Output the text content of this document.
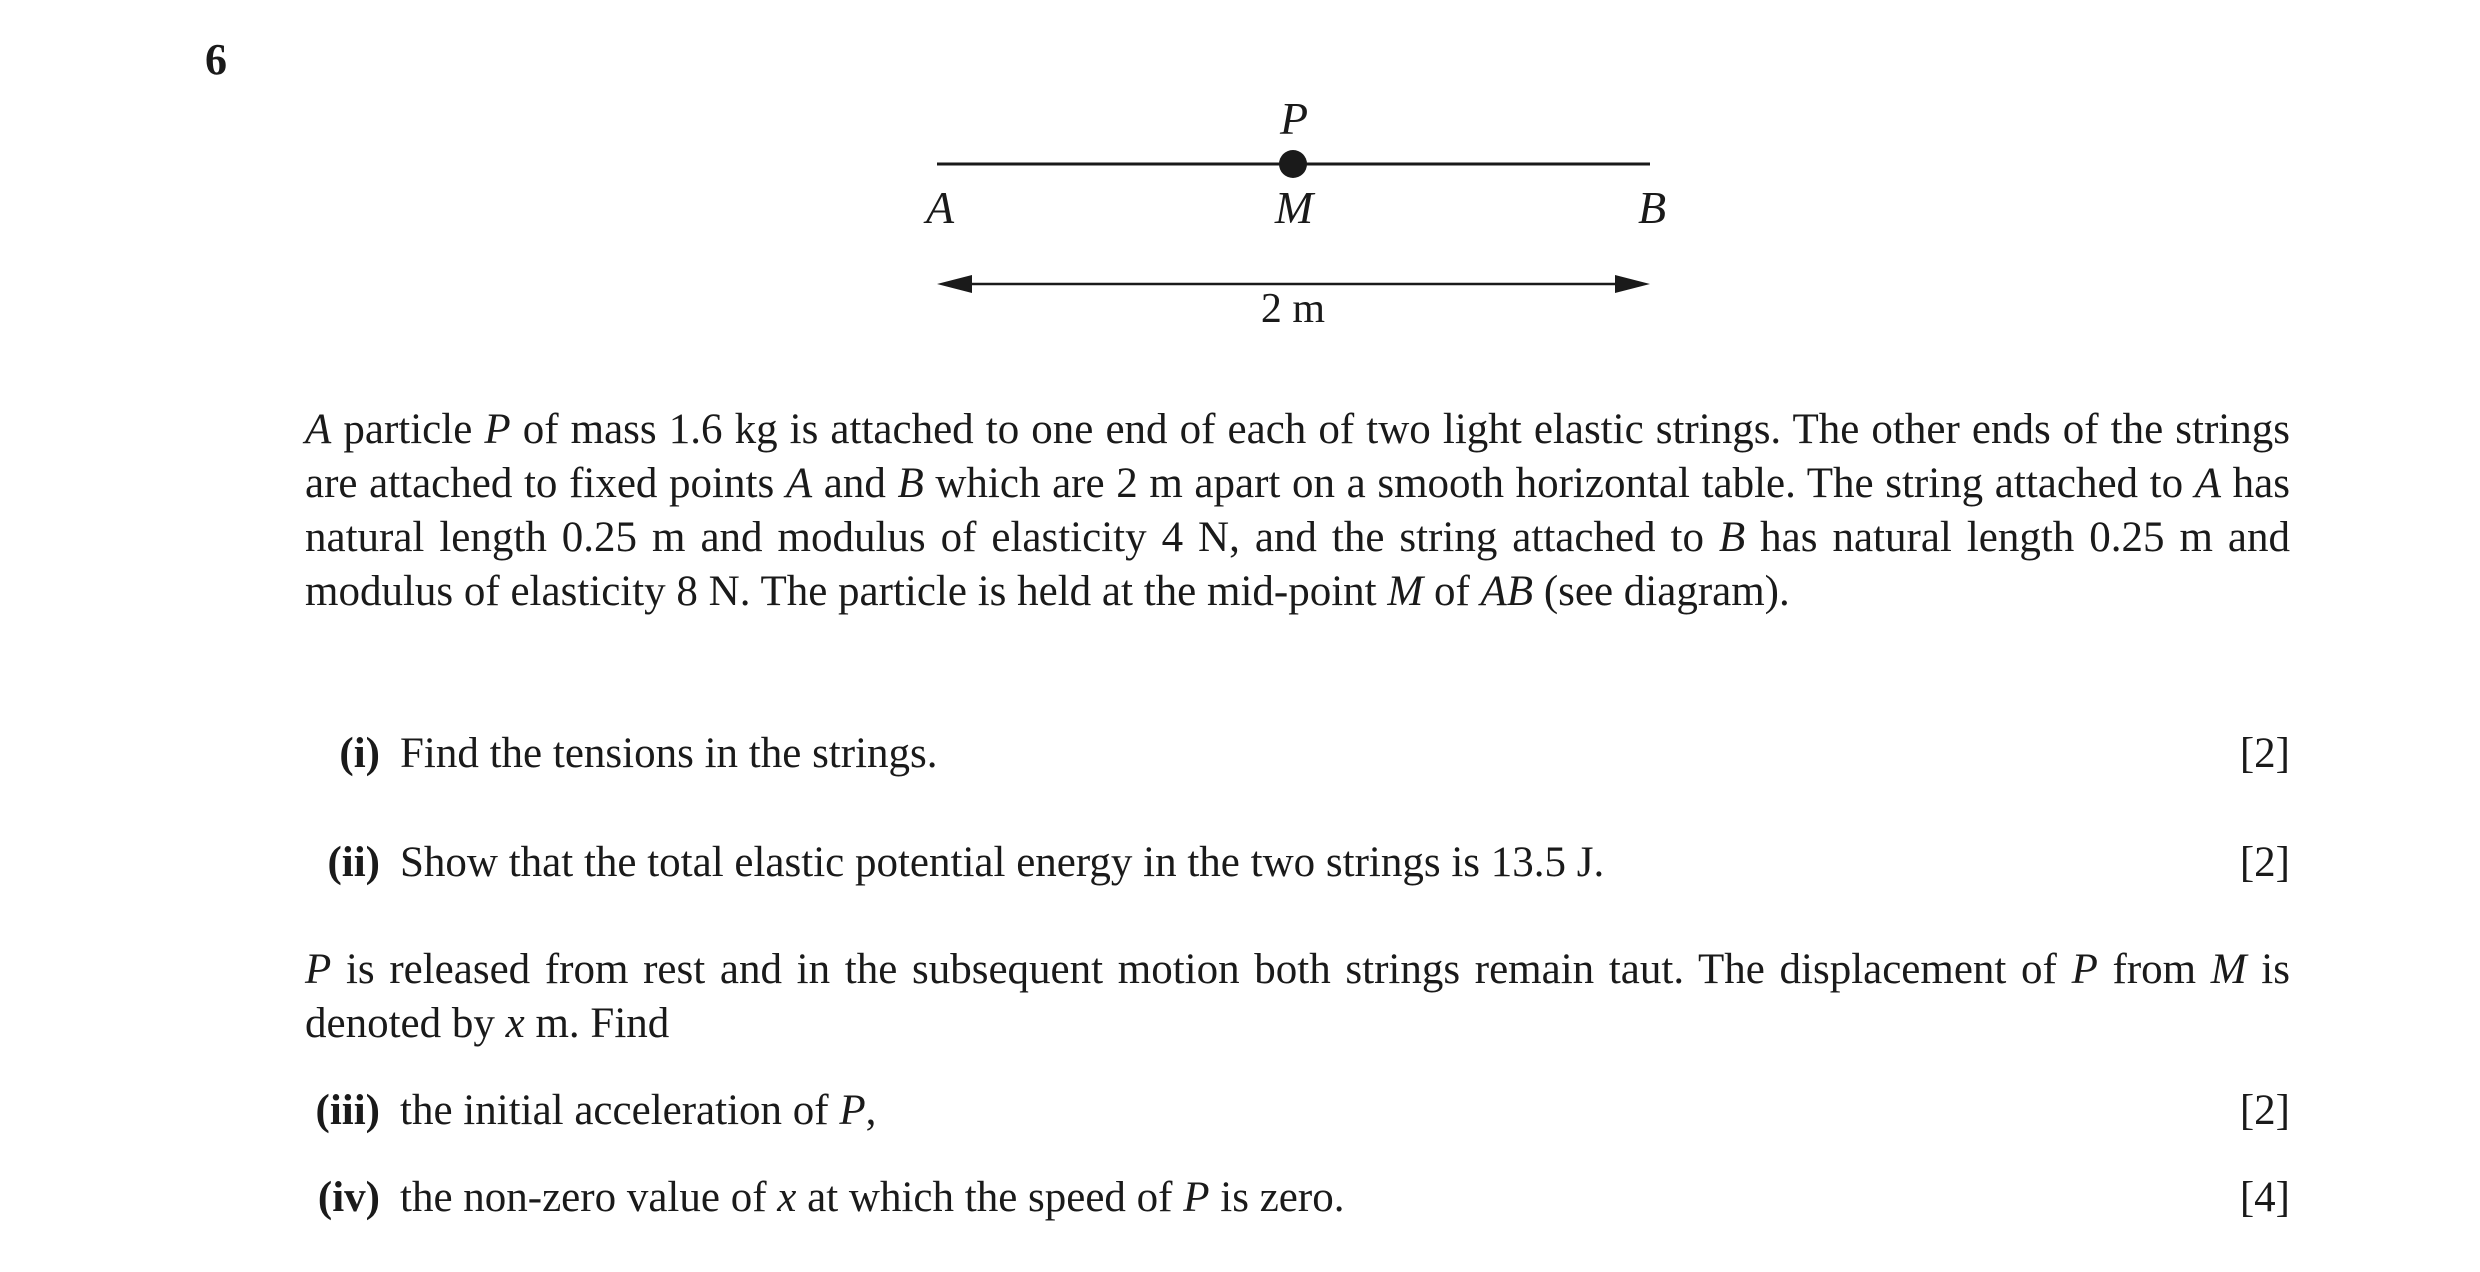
6
P
A	M	B
2 m

A particle P of mass 1.6 kg is attached to one end of each of two light elastic strings. The other ends of the strings are attached to fixed points A and B which are 2 m apart on a smooth horizontal table. The string attached to A has natural length 0.25 m and modulus of elasticity 4 N, and the string attached to B has natural length 0.25 m and modulus of elasticity 8 N. The particle is held at the mid-point M of AB (see diagram).

(i) Find the tensions in the strings.	[2]
(ii) Show that the total elastic potential energy in the two strings is 13.5 J.	[2]

P is released from rest and in the subsequent motion both strings remain taut. The displacement of P from M is denoted by x m. Find

(iii) the initial acceleration of P,	[2]
(iv) the non-zero value of x at which the speed of P is zero.	[4]
